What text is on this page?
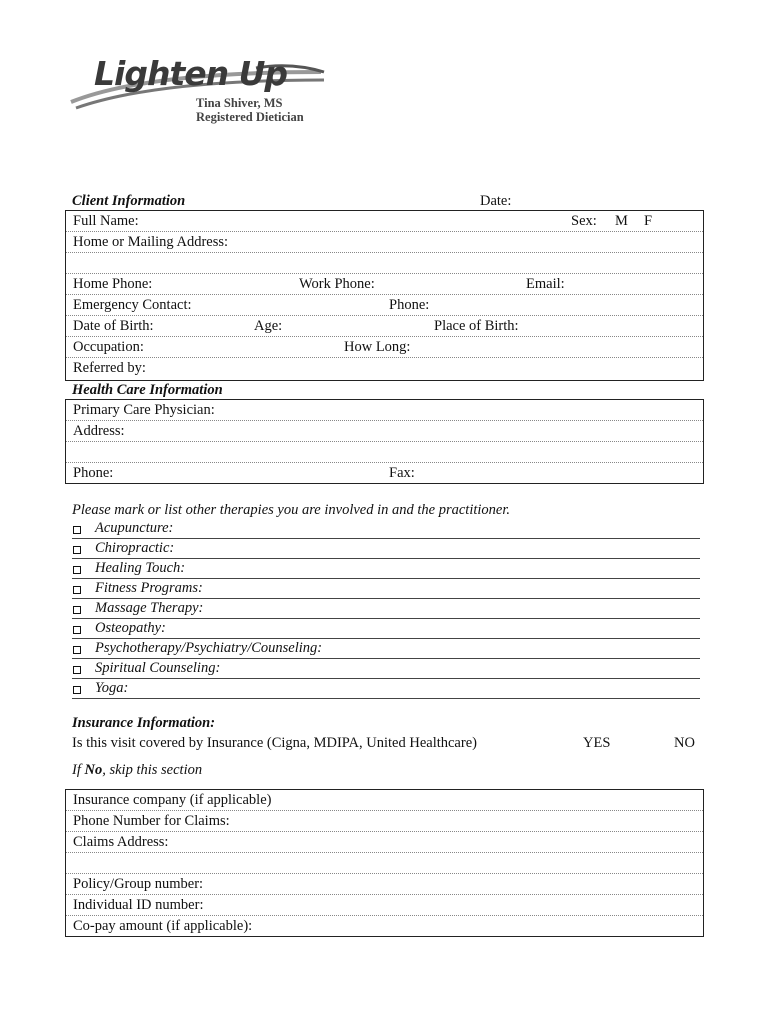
Lighten Up
Tina Shiver, MS
Registered Dietician
Client Information	Date:
Full Name:	Sex: M F
Home or Mailing Address:
Home Phone:	Work Phone:	Email:
Emergency Contact:	Phone:
Date of Birth:	Age:	Place of Birth:
Occupation:	How Long:
Referred by:
Health Care Information
Primary Care Physician:
Address:
Phone:	Fax:
Please mark or list other therapies you are involved in and the practitioner.
Acupuncture:
Chiropractic:
Healing Touch:
Fitness Programs:
Massage Therapy:
Osteopathy:
Psychotherapy/Psychiatry/Counseling:
Spiritual Counseling:
Yoga:
Insurance Information:
Is this visit covered by Insurance (Cigna, MDIPA, United Healthcare)	YES	NO
If No, skip this section
Insurance company (if applicable)
Phone Number for Claims:
Claims Address:
Policy/Group number:
Individual ID number:
Co-pay amount (if applicable):
